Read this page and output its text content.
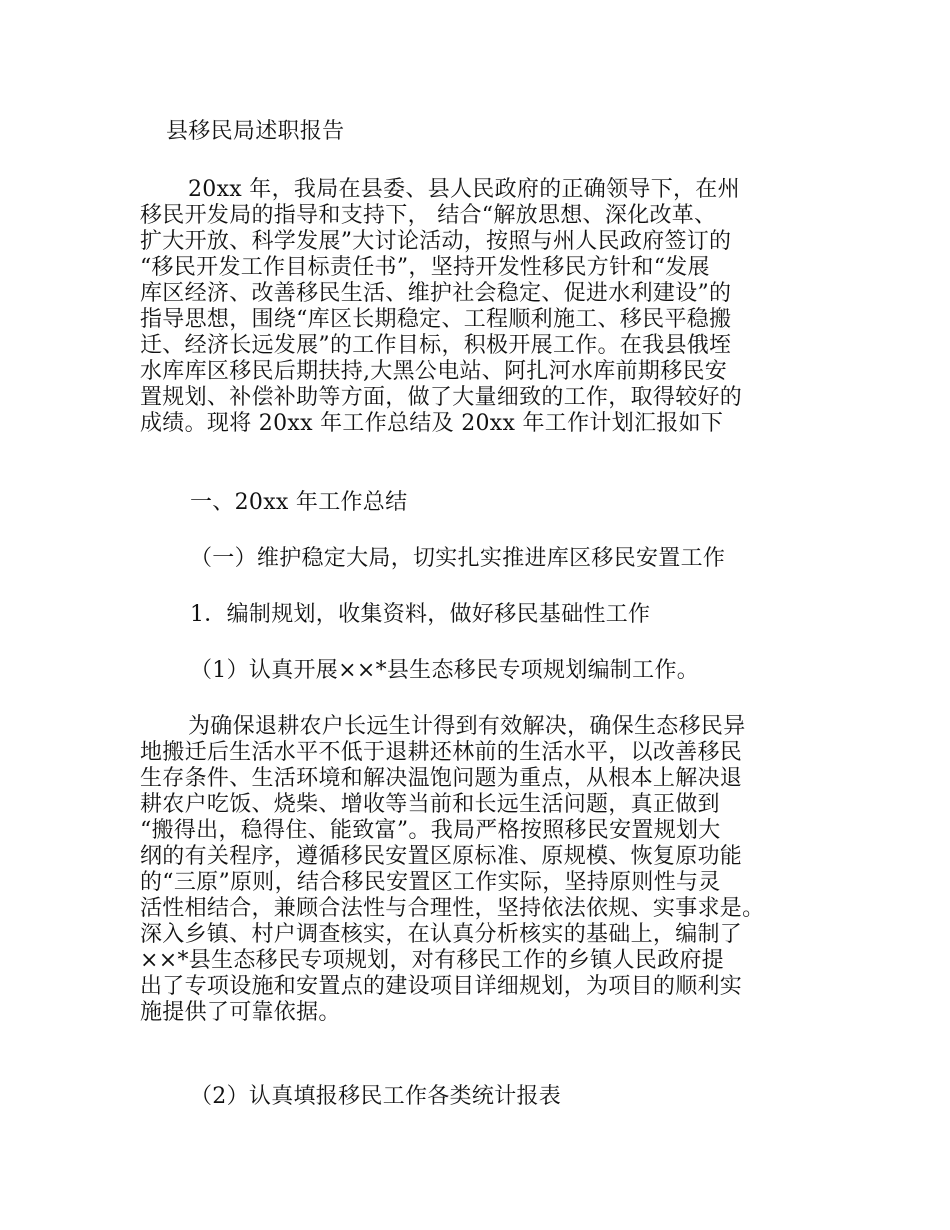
县移民局述职报告
20xx 年，我局在县委、县人民政府的正确领导下，在州
移民开发局的指导和支持下， 结合“解放思想、深化改革、
扩大开放、科学发展”大讨论活动，按照与州人民政府签订的
“移民开发工作目标责任书”，坚持开发性移民方针和“发展
库区经济、改善移民生活、维护社会稳定、促进水利建设”的
指导思想，围绕“库区长期稳定、工程顺利施工、移民平稳搬
迁、经济长远发展”的工作目标，积极开展工作。在我县俄垤
水库库区移民后期扶持,大黑公电站、阿扎河水库前期移民安
置规划、补偿补助等方面，做了大量细致的工作，取得较好的
成绩。现将 20xx 年工作总结及 20xx 年工作计划汇报如下
一、20xx 年工作总结
（一）维护稳定大局，切实扎实推进库区移民安置工作
1．编制规划，收集资料，做好移民基础性工作
（1）认真开展××*县生态移民专项规划编制工作。
为确保退耕农户长远生计得到有效解决，确保生态移民异
地搬迁后生活水平不低于退耕还林前的生活水平，以改善移民
生存条件、生活环境和解决温饱问题为重点，从根本上解决退
耕农户吃饭、烧柴、增收等当前和长远生活问题，真正做到
“搬得出，稳得住、能致富”。我局严格按照移民安置规划大
纲的有关程序，遵循移民安置区原标准、原规模、恢复原功能
的“三原”原则，结合移民安置区工作实际，坚持原则性与灵
活性相结合，兼顾合法性与合理性，坚持依法依规、实事求是。
深入乡镇、村户调查核实，在认真分析核实的基础上，编制了
××*县生态移民专项规划，对有移民工作的乡镇人民政府提
出了专项设施和安置点的建设项目详细规划，为项目的顺利实
施提供了可靠依据。
（2）认真填报移民工作各类统计报表
